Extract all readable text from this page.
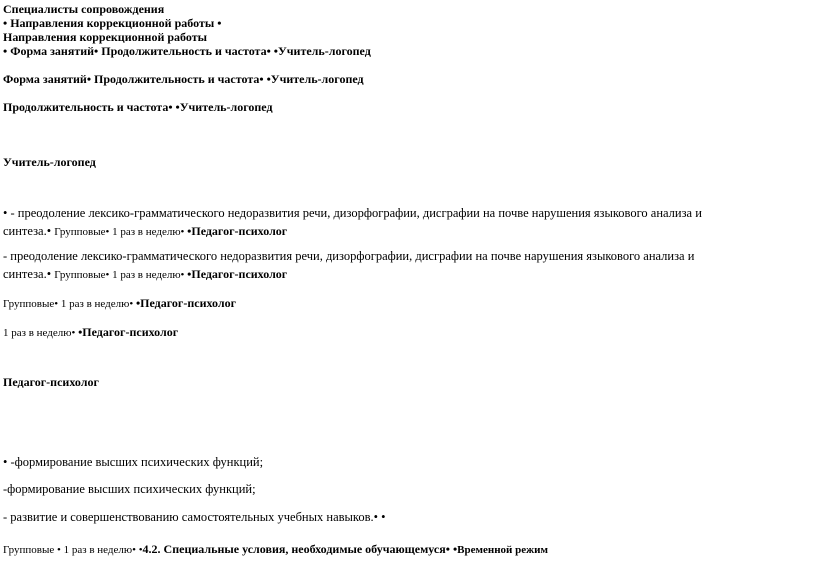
Специалисты сопровождения
• Направления коррекционной работы •
Направления коррекционной работы
• Форма занятий• Продолжительность и частота• •Учитель-логопед
Форма занятий• Продолжительность и частота• •Учитель-логопед
Продолжительность и частота• •Учитель-логопед
Учитель-логопед
• - преодоление лексико-грамматического недоразвития речи, дизорфографии, дисграфии на почве нарушения языкового анализа и
синтеза.• Групповые• 1 раз в неделю• •Педагог-психолог
- преодоление лексико-грамматического недоразвития речи, дизорфографии, дисграфии на почве нарушения языкового анализа и
синтеза.• Групповые• 1 раз в неделю• •Педагог-психолог
Групповые• 1 раз в неделю• •Педагог-психолог
1 раз в неделю• •Педагог-психолог
Педагог-психолог
• -формирование высших психических функций;
-формирование высших психических функций;
- развитие и совершенствованию самостоятельных учебных навыков.• •
Групповые • 1 раз в неделю• •4.2. Специальные условия, необходимые обучающемуся• •Временной режим
